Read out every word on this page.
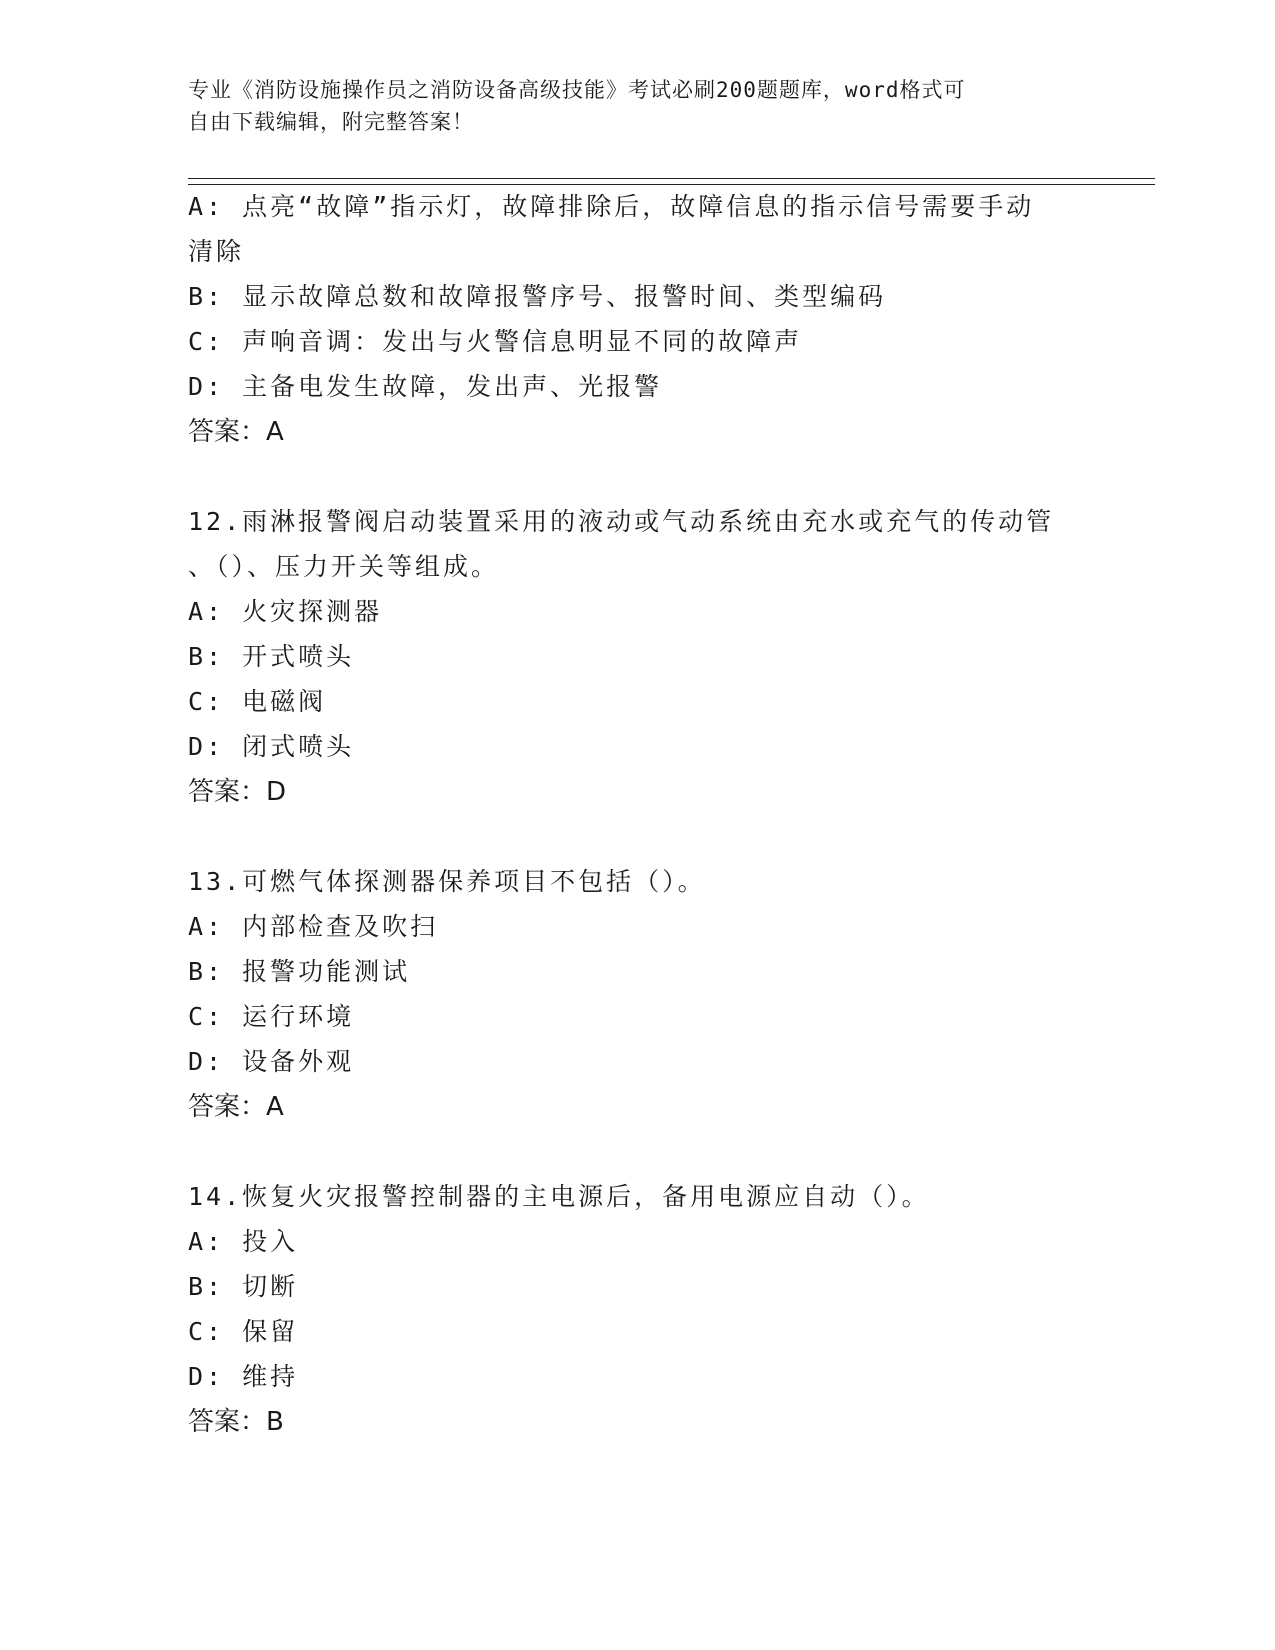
专业《消防设施操作员之消防设备高级技能》考试必刷200题题库，word格式可
自由下载编辑，附完整答案！
A: 点亮“故障”指示灯，故障排除后，故障信息的指示信号需要手动
清除
B: 显示故障总数和故障报警序号、报警时间、类型编码
C: 声响音调：发出与火警信息明显不同的故障声
D: 主备电发生故障，发出声、光报警
答案：A
12.雨淋报警阀启动装置采用的液动或气动系统由充水或充气的传动管
、（）、压力开关等组成。
A: 火灾探测器
B: 开式喷头
C: 电磁阀
D: 闭式喷头
答案：D
13.可燃气体探测器保养项目不包括（）。
A: 内部检查及吹扫
B: 报警功能测试
C: 运行环境
D: 设备外观
答案：A
14.恢复火灾报警控制器的主电源后，备用电源应自动（）。
A: 投入
B: 切断
C: 保留
D: 维持
答案：B
